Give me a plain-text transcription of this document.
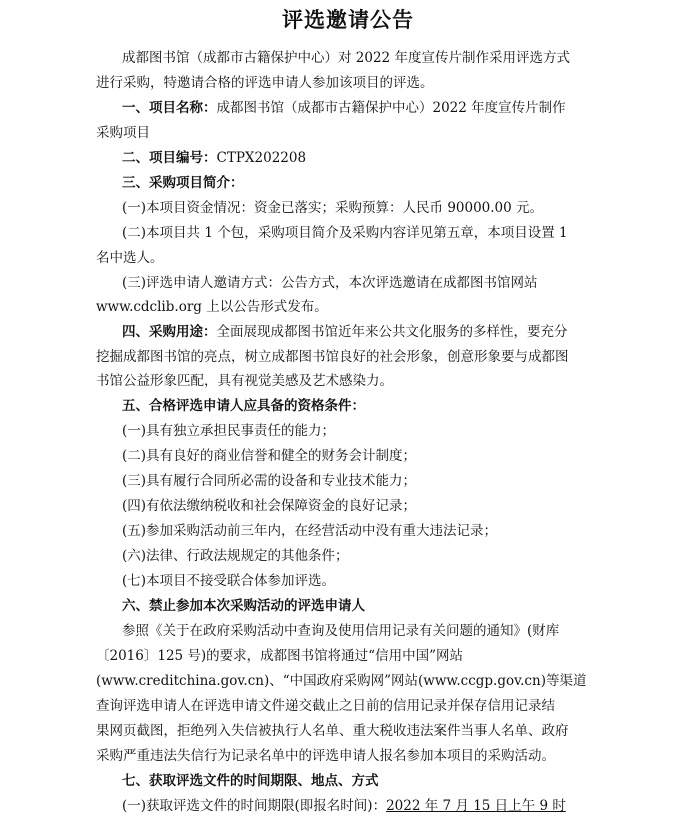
评选邀请公告
成都图书馆（成都市古籍保护中心）对 2022 年度宣传片制作采用评选方式
进行采购，特邀请合格的评选申请人参加该项目的评选。
一、项目名称：成都图书馆（成都市古籍保护中心）2022 年度宣传片制作
采购项目
二、项目编号：CTPX202208
三、采购项目简介：
(一)本项目资金情况：资金已落实；采购预算：人民币 90000.00 元。
(二)本项目共 1 个包，采购项目简介及采购内容详见第五章，本项目设置 1
名中选人。
(三)评选申请人邀请方式：公告方式，本次评选邀请在成都图书馆网站
www.cdclib.org 上以公告形式发布。
四、采购用途：全面展现成都图书馆近年来公共文化服务的多样性，要充分
挖掘成都图书馆的亮点，树立成都图书馆良好的社会形象，创意形象要与成都图
书馆公益形象匹配，具有视觉美感及艺术感染力。
五、合格评选申请人应具备的资格条件：
(一)具有独立承担民事责任的能力；
(二)具有良好的商业信誉和健全的财务会计制度；
(三)具有履行合同所必需的设备和专业技术能力；
(四)有依法缴纳税收和社会保障资金的良好记录；
(五)参加采购活动前三年内，在经营活动中没有重大违法记录；
(六)法律、行政法规规定的其他条件；
(七)本项目不接受联合体参加评选。
六、禁止参加本次采购活动的评选申请人
参照《关于在政府采购活动中查询及使用信用记录有关问题的通知》(财库
〔2016〕125 号)的要求，成都图书馆将通过“信用中国”网站
(www.creditchina.gov.cn)、“中国政府采购网”网站(www.ccgp.gov.cn)等渠道
查询评选申请人在评选申请文件递交截止之日前的信用记录并保存信用记录结
果网页截图，拒绝列入失信被执行人名单、重大税收违法案件当事人名单、政府
采购严重违法失信行为记录名单中的评选申请人报名参加本项目的采购活动。
七、获取评选文件的时间期限、地点、方式
(一)获取评选文件的时间期限(即报名时间)：2022 年 7 月 15 日上午 9 时
